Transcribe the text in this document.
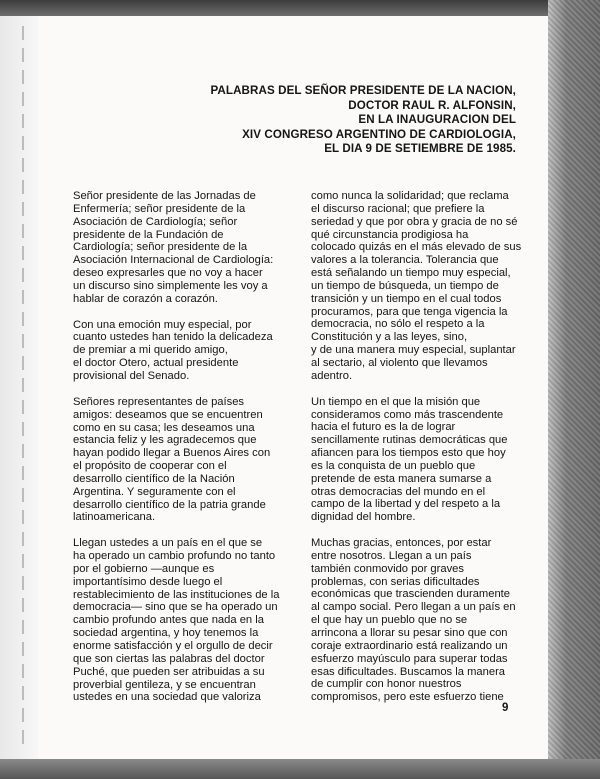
PALABRAS DEL SEÑOR PRESIDENTE DE LA NACION,
DOCTOR RAUL R. ALFONSIN,
EN LA INAUGURACION DEL
XIV CONGRESO ARGENTINO DE CARDIOLOGIA,
EL DIA 9 DE SETIEMBRE DE 1985.

Señor presidente de las Jornadas de
Enfermería; señor presidente de la
Asociación de Cardiología; señor
presidente de la Fundación de
Cardiología; señor presidente de la
Asociación Internacional de Cardiología:
deseo expresarles que no voy a hacer
un discurso sino simplemente les voy a
hablar de corazón a corazón.

Con una emoción muy especial, por
cuanto ustedes han tenido la delicadeza
de premiar a mi querido amigo,
el doctor Otero, actual presidente
provisional del Senado.

Señores representantes de países
amigos: deseamos que se encuentren
como en su casa; les deseamos una
estancia feliz y les agradecemos que
hayan podido llegar a Buenos Aires con
el propósito de cooperar con el
desarrollo científico de la Nación
Argentina. Y seguramente con el
desarrollo científico de la patria grande
latinoamericana.

Llegan ustedes a un país en el que se
ha operado un cambio profundo no tanto
por el gobierno —aunque es
importantísimo desde luego el
restablecimiento de las instituciones de la
democracia— sino que se ha operado un
cambio profundo antes que nada en la
sociedad argentina, y hoy tenemos la
enorme satisfacción y el orgullo de decir
que son ciertas las palabras del doctor
Puché, que pueden ser atribuidas a su
proverbial gentileza, y se encuentran
ustedes en una sociedad que valoriza

como nunca la solidaridad; que reclama
el discurso racional; que prefiere la
seriedad y que por obra y gracia de no sé
qué circunstancia prodigiosa ha
colocado quizás en el más elevado de sus
valores a la tolerancia. Tolerancia que
está señalando un tiempo muy especial,
un tiempo de búsqueda, un tiempo de
transición y un tiempo en el cual todos
procuramos, para que tenga vigencia la
democracia, no sólo el respeto a la
Constitución y a las leyes, sino,
y de una manera muy especial, suplantar
al sectario, al violento que llevamos
adentro.

Un tiempo en el que la misión que
consideramos como más trascendente
hacia el futuro es la de lograr
sencillamente rutinas democráticas que
afiancen para los tiempos esto que hoy
es la conquista de un pueblo que
pretende de esta manera sumarse a
otras democracias del mundo en el
campo de la libertad y del respeto a la
dignidad del hombre.

Muchas gracias, entonces, por estar
entre nosotros. Llegan a un país
también conmovido por graves
problemas, con serias dificultades
económicas que trascienden duramente
al campo social. Pero llegan a un país en
el que hay un pueblo que no se
arrincona a llorar su pesar sino que con
coraje extraordinario está realizando un
esfuerzo mayúsculo para superar todas
esas dificultades. Buscamos la manera
de cumplir con honor nuestros
compromisos, pero este esfuerzo tiene

9
